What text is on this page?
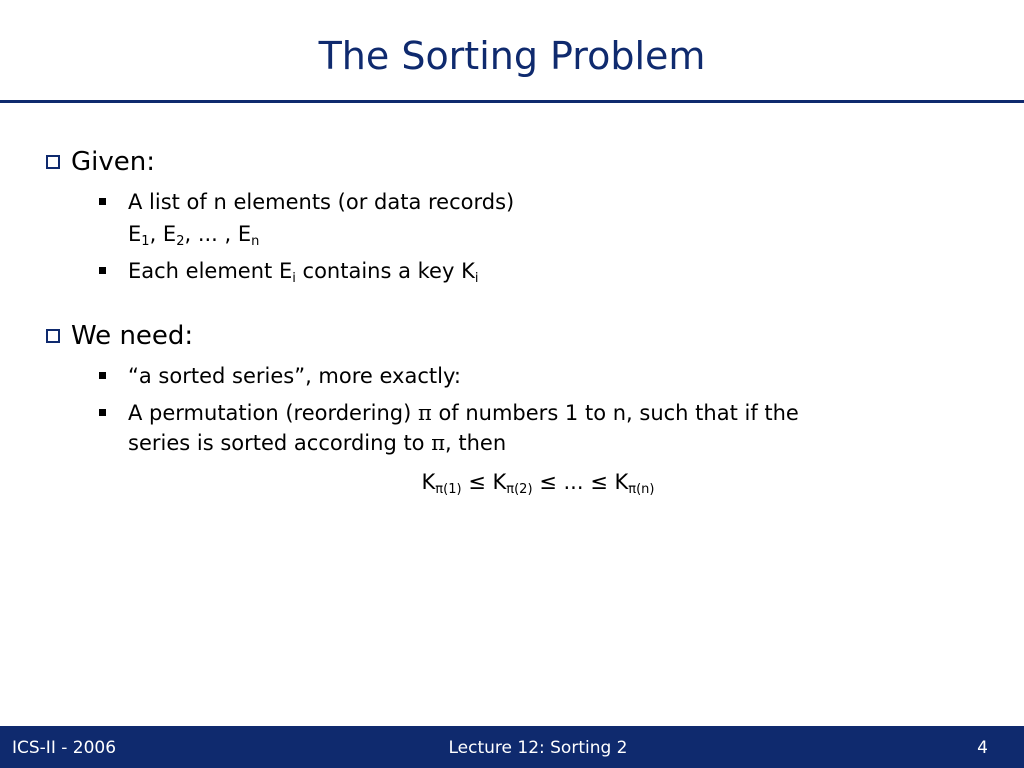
The Sorting Problem
Given:
A list of n elements (or data records)
$E_1$, $E_2$, ... , $E_n$
Each element $E_i$ contains a key $K_i$
We need:
“a sorted series”, more exactly:
A permutation (reordering) π of numbers 1 to n, such that if the
series is sorted according to π, then
$K_{\pi(1)} \le K_{\pi(2)}$ ≤ ... ≤ $K_{\pi(n)}$
ICS-II - 2006	Lecture 12: Sorting 2	4
